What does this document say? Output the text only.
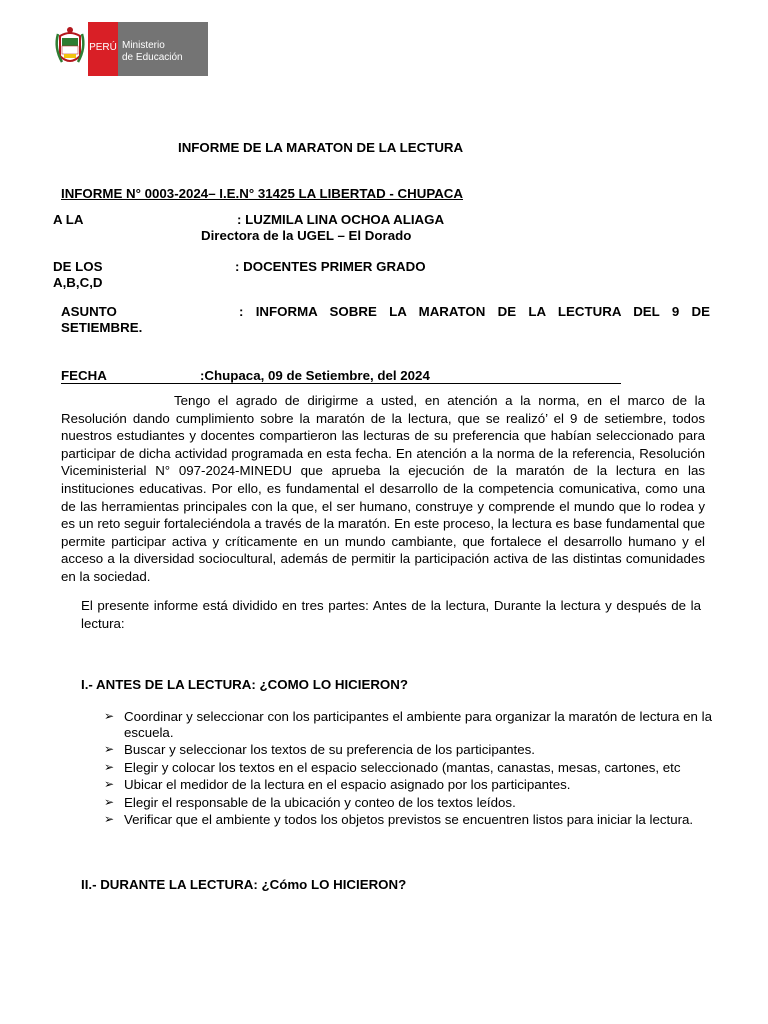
PERÚ Ministerio
de Educación
INFORME DE LA MARATON DE LA LECTURA
INFORME N° 0003-2024– I.E.N° 31425 LA LIBERTAD - CHUPACA
A LA	: LUZMILA LINA OCHOA ALIAGA
Directora de la UGEL – El Dorado
DE LOS	: DOCENTES PRIMER GRADO
A,B,C,D
ASUNTO	: INFORMA SOBRE LA MARATON DE LA LECTURA DEL 9 DE
SETIEMBRE.
FECHA	:Chupaca, 09 de Setiembre, del 2024

Tengo el agrado de dirigirme a usted, en atención a la norma, en el marco de la Resolución dando cumplimiento sobre la maratón de la lectura, que se realizó’ el 9 de setiembre, todos nuestros estudiantes y docentes compartieron las lecturas de su preferencia que habían seleccionado para participar de dicha actividad programada en esta fecha. En atención a la norma de la referencia, Resolución Viceministerial N° 097-2024-MINEDU que aprueba la ejecución de la maratón de la lectura en las instituciones educativas. Por ello, es fundamental el desarrollo de la competencia comunicativa, como una de las herramientas principales con la que, el ser humano, construye y comprende el mundo que lo rodea y es un reto seguir fortaleciéndola a través de la maratón. En este proceso, la lectura es base fundamental que permite participar activa y críticamente en un mundo cambiante, que fortalece el desarrollo humano y el acceso a la diversidad sociocultural, además de permitir la participación activa de las distintas comunidades en la sociedad.

El presente informe está dividido en tres partes: Antes de la lectura, Durante la lectura y después de la lectura:
I.- ANTES DE LA LECTURA: ¿COMO LO HICIERON?
➢ Coordinar y seleccionar con los participantes el ambiente para organizar la maratón de lectura en la escuela.
➢ Buscar y seleccionar los textos de su preferencia de los participantes.
➢ Elegir y colocar los textos en el espacio seleccionado (mantas, canastas, mesas, cartones, etc
➢ Ubicar el medidor de la lectura en el espacio asignado por los participantes.
➢ Elegir el responsable de la ubicación y conteo de los textos leídos.
➢ Verificar que el ambiente y todos los objetos previstos se encuentren listos para iniciar la lectura.
II.- DURANTE LA LECTURA: ¿Cómo LO HICIERON?
